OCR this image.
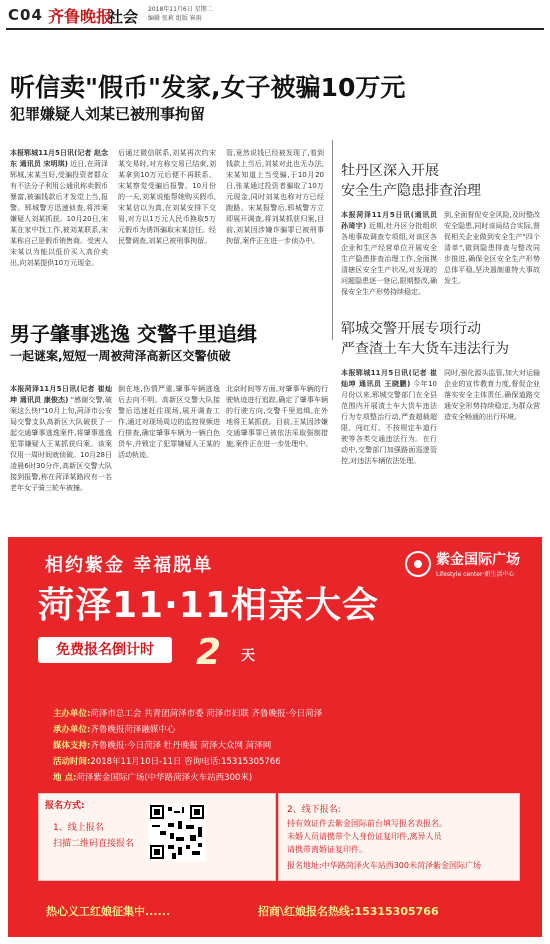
C04 齐鲁晚报
社会 2018年11月6日 星期二
编辑 张莉 组版 崔雨
听信卖"假币"发家,女子被骗10万元
犯罪嫌疑人刘某已被刑事拘留
本报郓城11月5日讯(记者 赵念东 通讯员 宋明琪) 近日,在菏泽郓城,宋某当好,受骗投资者群众有不法分子利用公通讯称卖假币暴富,被骗钱款后才发觉上当,报警。郓城警方迅速侦查,将涉案嫌疑人刘某抓获。10月20日,宋某在家中找工作,被刘某联系,宋某称自己是假币销售商。受害人宋某以为能以低价买入高价卖出,向刘某提供10万元现金。
后通过微信联系,刘某再次约宋某交易时,对方称交易已结束,刘某拿到10万元后便不再联系。宋某察觉受骗后报警。10月份的一天,刘某说能帮她购买假币,宋某信以为真,在刘某安排下交易,对方以1万元人民币换取5万元假币为诱饵骗取宋某信任。经民警调查,刘某已被刑事拘留。
管,竟然说钱已经被发现了,看到钱款上当后,刘某对此也无办法,宋某知道上当受骗,于10月20日,张某通过投资者骗取了10万元现金,同时刘某也称对方已经跑路。宋某报警后,郓城警方立即展开调查,将刘某抓获归案,目前,刘某因涉嫌诈骗罪已被刑事拘留,案件正在进一步侦办中。
牡丹区深入开展
安全生产隐患排查治理
本报菏泽11月5日讯(通讯员 孙琦宇) 近期,牡丹区分批组织各地事故调查专项组,对该区各企业和生产经营单位开展安全生产隐患排查治理工作,全面摸清辖区安全生产状况,对发现的问题隐患逐一登记,限期整改,确保安全生产形势持续稳定。
到,全面督促安全风险,及时整改安全隐患,同时该局结合实际,督促相关企业做到安全生产"四个清单",做到隐患排查与整改同步推进,确保全区安全生产形势总体平稳,坚决遏制重特大事故发生。
男子肇事逃逸 交警千里追缉
一起谜案,短短一周被菏泽高新区交警侦破
本报菏泽11月5日讯(记者 崔灿坤 通讯员 康俊杰) "感谢交警,破案这么快!"10月上旬,菏泽市公安局交警支队高新区大队破获了一起交通肇事逃逸案件,将肇事逃逸犯罪嫌疑人王某抓获归案。该案仅用一周时间就侦破。10月28日凌晨6时30分许,高新区交警大队接到报警,称在菏泽某路段有一名老年女子骑三轮车被撞。
倒在地,伤情严重,肇事车辆逃逸后去向不明。高新区交警大队接警后迅速赶往现场,展开调查工作,通过对现场周边的监控视频进行排查,确定肇事车辆为一辆白色货车,并锁定了犯罪嫌疑人王某的活动轨迹。
北京时间等方面,对肇事车辆的行驶轨迹进行追踪,确定了肇事车辆的行驶方向,交警千里追缉,在外地将王某抓获。目前,王某因涉嫌交通肇事罪已被依法采取强制措施,案件正在进一步处理中。
郓城交警开展专项行动
严查渣土车大货车违法行为
本报郓城11月5日讯(记者 崔灿坤 通讯员 王晓鹏) 今年10月份以来,郓城交警部门在全县范围内开展渣土车大货车违法行为专项整治行动,严查超载超限、闯红灯、不按规定车道行驶等各类交通违法行为。在行动中,交警部门加强路面巡逻管控,对违法车辆依法处理。
同时,强化源头监管,加大对运输企业的宣传教育力度,督促企业落实安全主体责任,确保道路交通安全形势持续稳定,为群众营造安全畅通的出行环境。
相约紫金 幸福脱单
菏泽11·11相亲大会
免费报名倒计时	2 天
紫金国际广场
Lifestyle center·新生活中心
主办单位:菏泽市总工会 共青团菏泽市委 菏泽市妇联 齐鲁晚报·今日菏泽
承办单位:齐鲁晚报菏泽融媒中心
媒体支持:齐鲁晚报·今日菏泽 牡丹晚报 菏泽大众网 菏泽网
活动时间:2018年11月10日-11日 咨询电话:15315305766
地 点:菏泽紫金国际广场(中华路菏泽火车站西300米)
报名方式:
1、线上报名
扫描二维码直接报名
2、线下报名:
持有效证件去紫金国际前台填写报名表报名。
未婚人员请携带个人身份证复印件,离异人员
请携带离婚证复印件。
报名地址:中华路菏泽火车站西300米菏泽紫金国际广场
热心义工红娘征集中......	招商\红娘报名热线:15315305766
